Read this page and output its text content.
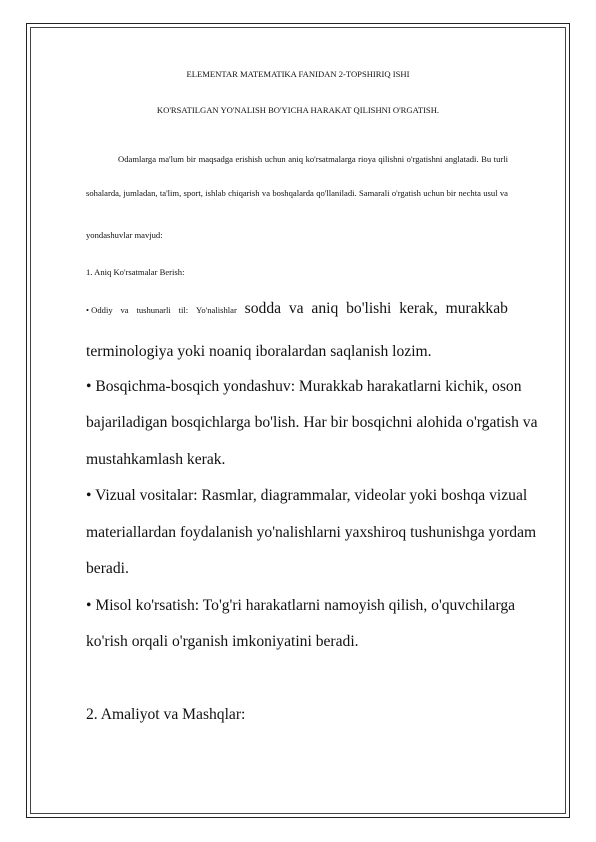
ELEMENTAR MATEMATIKA FANIDAN 2-TOPSHIRIQ ISHI
KO'RSATILGAN YO'NALISH BO'YICHA HARAKAT QILISHNI O'RGATISH.
Odamlarga ma'lum bir maqsadga erishish uchun aniq ko'rsatmalarga rioya qilishni o'rgatishni anglatadi. Bu turli
sohalarda, jumladan, ta'lim, sport, ishlab chiqarish va boshqalarda qo'llaniladi. Samarali o'rgatish uchun bir nechta usul va
yondashuvlar mavjud:
1. Aniq Ko'rsatmalar Berish:
• Oddiy va tushunarli til: Yo'nalishlar sodda va aniq bo'lishi kerak, murakkab
terminologiya yoki noaniq iboralardan saqlanish lozim.
• Bosqichma-bosqich yondashuv: Murakkab harakatlarni kichik, oson
bajariladigan bosqichlarga bo'lish. Har bir bosqichni alohida o'rgatish va
mustahkamlash kerak.
• Vizual vositalar: Rasmlar, diagrammalar, videolar yoki boshqa vizual
materiallardan foydalanish yo'nalishlarni yaxshiroq tushunishga yordam
beradi.
• Misol ko'rsatish: To'g'ri harakatlarni namoyish qilish, o'quvchilarga
ko'rish orqali o'rganish imkoniyatini beradi.
2. Amaliyot va Mashqlar:
